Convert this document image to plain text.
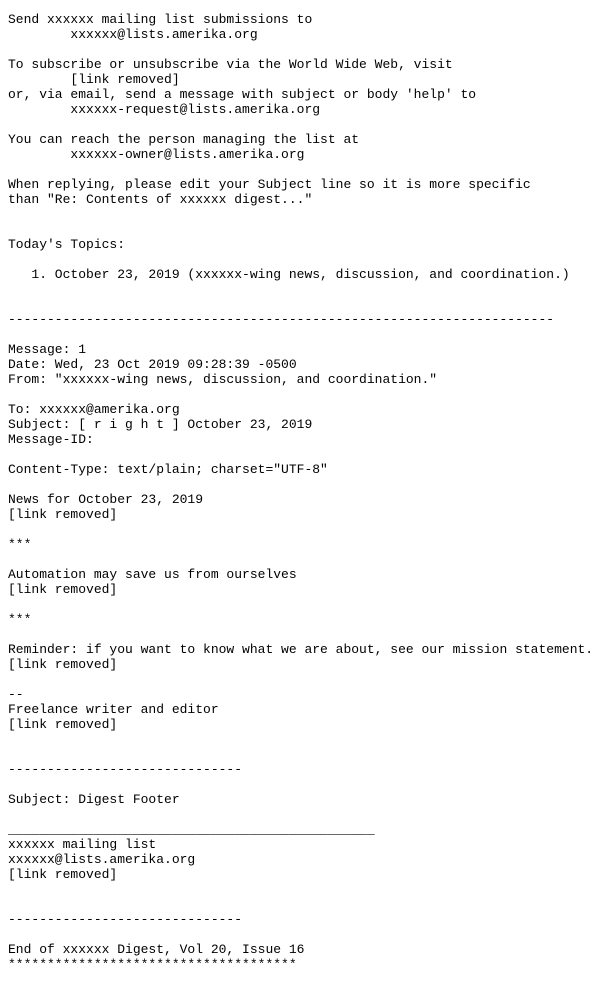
Send xxxxxx mailing list submissions to
xxxxxx@lists.amerika.org
To subscribe or unsubscribe via the World Wide Web, visit
[link removed]
or, via email, send a message with subject or body 'help' to
xxxxxx-request@lists.amerika.org
You can reach the person managing the list at
xxxxxx-owner@lists.amerika.org
When replying, please edit your Subject line so it is more specific
than "Re: Contents of xxxxxx digest..."
Today's Topics:
1. October 23, 2019 (xxxxxx-wing news, discussion, and coordination.)
----------------------------------------------------------------------
Message: 1
Date: Wed, 23 Oct 2019 09:28:39 -0500
From: "xxxxxx-wing news, discussion, and coordination."
To: xxxxxx@amerika.org
Subject: [ r i g h t ] October 23, 2019
Message-ID:
Content-Type: text/plain; charset="UTF-8"
News for October 23, 2019
[link removed]
***
Automation may save us from ourselves
[link removed]
***
Reminder: if you want to know what we are about, see our mission statement.
[link removed]
--
Freelance writer and editor
[link removed]
------------------------------
Subject: Digest Footer
_______________________________________________
xxxxxx mailing list
xxxxxx@lists.amerika.org
[link removed]
------------------------------
End of xxxxxx Digest, Vol 20, Issue 16
*************************************
